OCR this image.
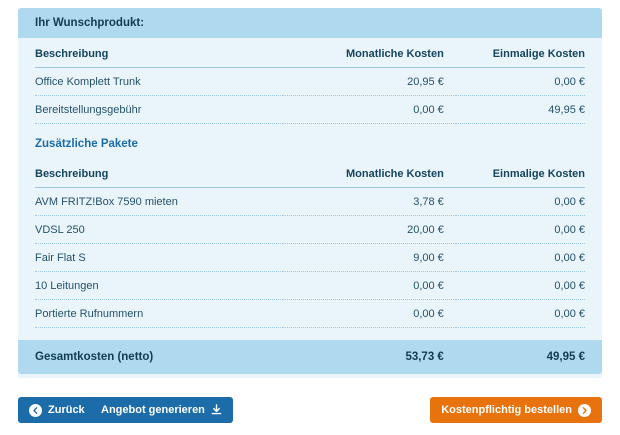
Ihr Wunschprodukt:
Beschreibung	Monatliche Kosten	Einmalige Kosten
Office Komplett Trunk	20,95 €	0,00 €
Bereitstellungsgebühr	0,00 €	49,95 €
Zusätzliche Pakete
Beschreibung	Monatliche Kosten	Einmalige Kosten
AVM FRITZ!Box 7590 mieten	3,78 €	0,00 €
VDSL 250	20,00 €	0,00 €
Fair Flat S	9,00 €	0,00 €
10 Leitungen	0,00 €	0,00 €
Portierte Rufnummern	0,00 €	0,00 €
Gesamtkosten (netto)	53,73 €	49,95 €
Zurück Angebot generieren	Kostenpflichtig bestellen
